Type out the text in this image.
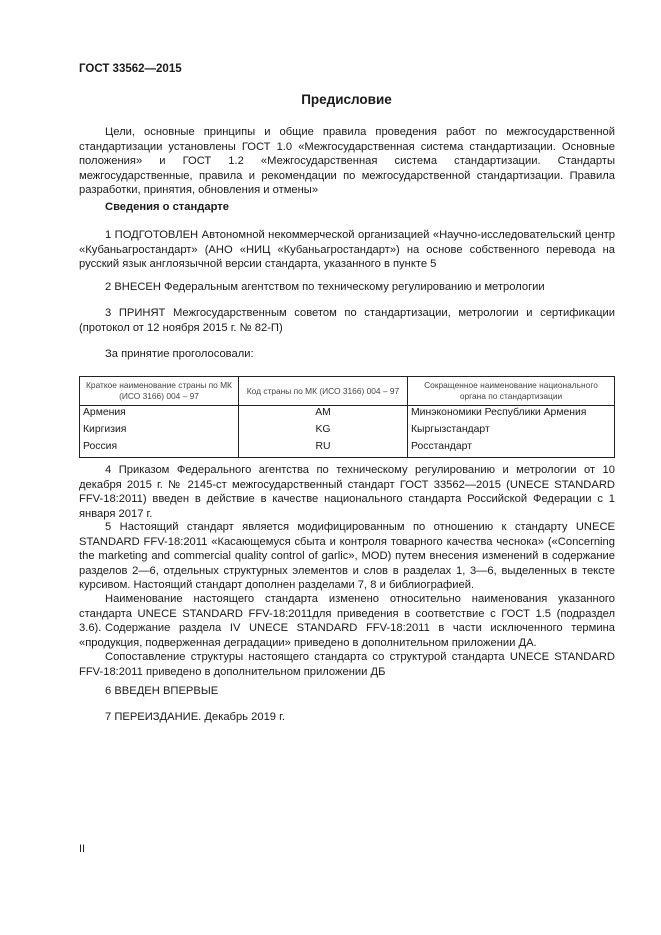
ГОСТ 33562—2015
Предисловие

Цели, основные принципы и общие правила проведения работ по межгосударственной стандартизации установлены ГОСТ 1.0 «Межгосударственная система стандартизации. Основные положения» и ГОСТ 1.2 «Межгосударственная система стандартизации. Стандарты межгосударственные, правила и рекомендации по межгосударственной стандартизации. Правила разработки, принятия, обновления и отмены»

Сведения о стандарте

1 ПОДГОТОВЛЕН Автономной некоммерческой организацией «Научно-исследовательский центр «Кубаньагростандарт» (АНО «НИЦ «Кубаньагростандарт») на основе собственного перевода на русский язык англоязычной версии стандарта, указанного в пункте 5

2 ВНЕСЕН Федеральным агентством по техническому регулированию и метрологии

3 ПРИНЯТ Межгосударственным советом по стандартизации, метрологии и сертификации (протокол от 12 ноября 2015 г. № 82-П)

За принятие проголосовали:
Краткое наименование страны по МК (ИСО 3166) 004 – 97	Код страны по МК (ИСО 3166) 004 – 97	Сокращенное наименование национального органа по стандартизации
Армения	AM	Минэкономики Республики Армения
Киргизия	KG	Кыргызстандарт
Россия	RU	Росстандарт

4 Приказом Федерального агентства по техническому регулированию и метрологии от 10 декабря 2015 г. № 2145-ст межгосударственный стандарт ГОСТ 33562—2015 (UNECE STANDARD FFV-18:2011) введен в действие в качестве национального стандарта Российской Федерации с 1 января 2017 г.

5 Настоящий стандарт является модифицированным по отношению к стандарту UNECE STANDARD FFV-18:2011 «Касающемуся сбыта и контроля товарного качества чеснока» («Concerning the marketing and commercial quality control of garlic», MOD) путем внесения изменений в содержание разделов 2—6, отдельных структурных элементов и слов в разделах 1, 3—6, выделенных в тексте курсивом. Настоящий стандарт дополнен разделами 7, 8 и библиографией.

Наименование настоящего стандарта изменено относительно наименования указанного стандарта UNECE STANDARD FFV-18:2011для приведения в соответствие с ГОСТ 1.5 (подраздел 3.6). Содержание раздела IV UNECE STANDARD FFV-18:2011 в части исключенного термина «продукция, подверженная деградации» приведено в дополнительном приложении ДА.

Сопоставление структуры настоящего стандарта со структурой стандарта UNECE STANDARD FFV-18:2011 приведено в дополнительном приложении ДБ

6 ВВЕДЕН ВПЕРВЫЕ

7 ПЕРЕИЗДАНИЕ. Декабрь 2019 г.

II
